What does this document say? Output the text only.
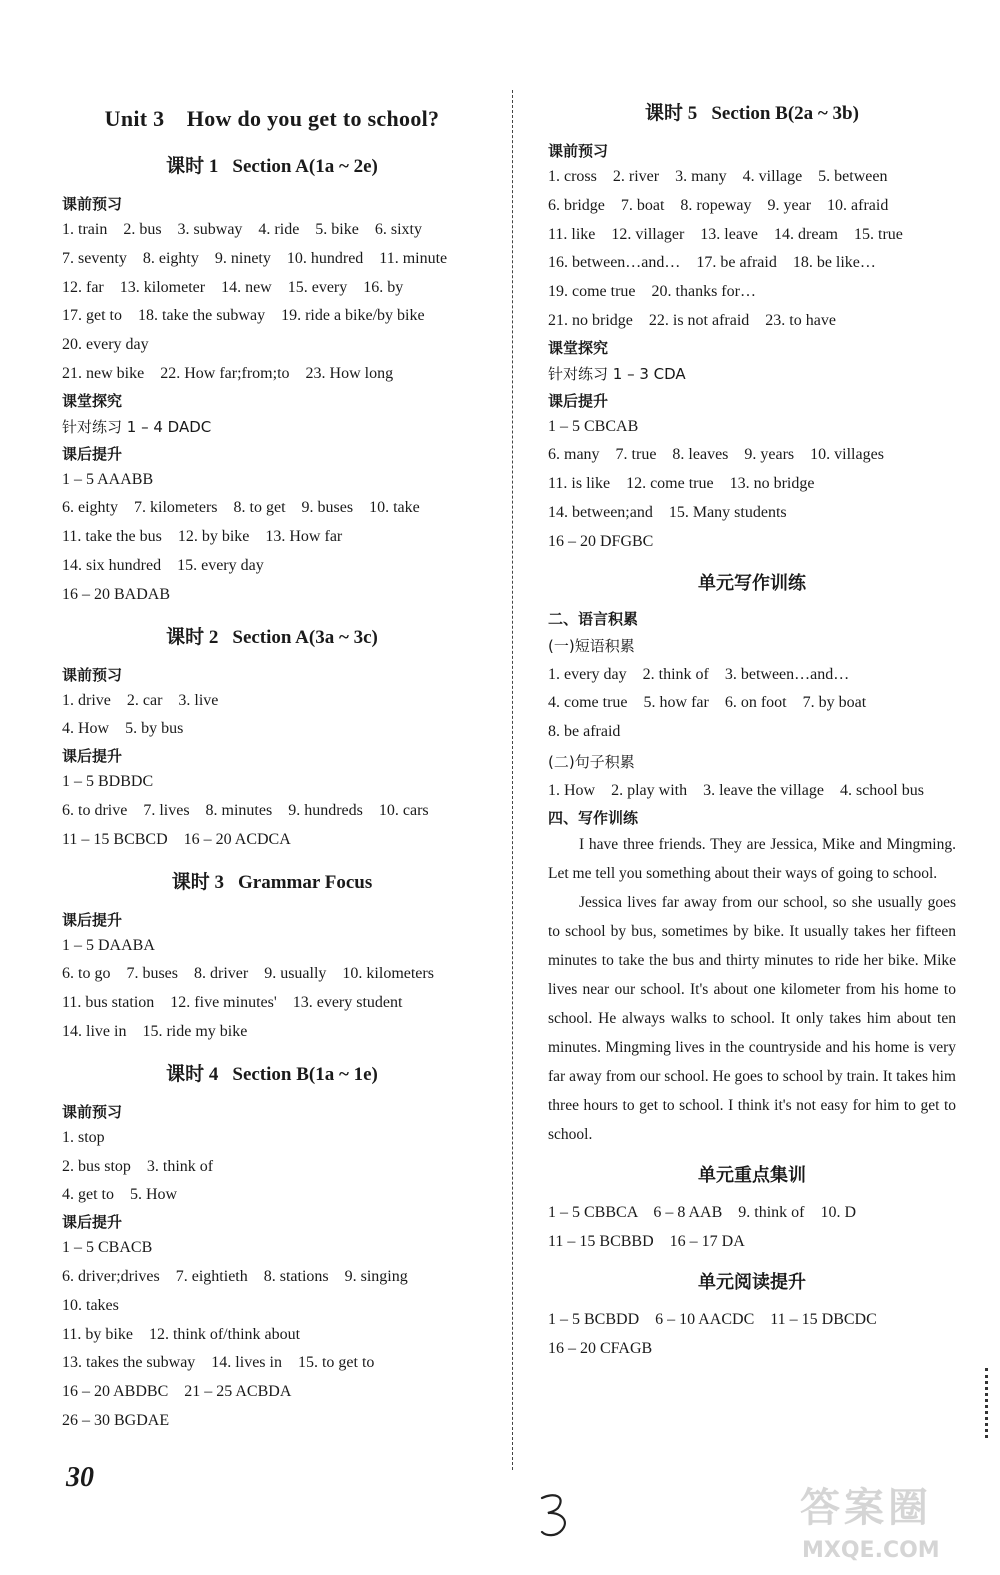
Unit 3　How do you get to school?
课时 1 Section A(1a ~ 2e)
课前预习
1. train　2. bus　3. subway　4. ride　5. bike　6. sixty
7. seventy　8. eighty　9. ninety　10. hundred　11. minute
12. far　13. kilometer　14. new　15. every　16. by
17. get to　18. take the subway　19. ride a bike/by bike
20. every day
21. new bike　22. How far;from;to　23. How long
课堂探究
针对练习 1 – 4 DADC
课后提升
1 – 5 AAABB
6. eighty　7. kilometers　8. to get　9. buses　10. take
11. take the bus　12. by bike　13. How far
14. six hundred　15. every day
16 – 20 BADAB
课时 2 Section A(3a ~ 3c)
课前预习
1. drive　2. car　3. live
4. How　5. by bus
课后提升
1 – 5 BDBDC
6. to drive　7. lives　8. minutes　9. hundreds　10. cars
11 – 15 BCBCD　16 – 20 ACDCA
课时 3 Grammar Focus
课后提升
1 – 5 DAABA
6. to go　7. buses　8. driver　9. usually　10. kilometers
11. bus station　12. five minutes'　13. every student
14. live in　15. ride my bike
课时 4 Section B(1a ~ 1e)
课前预习
1. stop
2. bus stop　3. think of
4. get to　5. How
课后提升
1 – 5 CBACB
6. driver;drives　7. eightieth　8. stations　9. singing
10. takes
11. by bike　12. think of/think about
13. takes the subway　14. lives in　15. to get to
16 – 20 ABDBC　21 – 25 ACBDA
26 – 30 BGDAE
课时 5 Section B(2a ~ 3b)
课前预习
1. cross　2. river　3. many　4. village　5. between
6. bridge　7. boat　8. ropeway　9. year　10. afraid
11. like　12. villager　13. leave　14. dream　15. true
16. between…and…　17. be afraid　18. be like…
19. come true　20. thanks for…
21. no bridge　22. is not afraid　23. to have
课堂探究
针对练习 1 – 3 CDA
课后提升
1 – 5 CBCAB
6. many　7. true　8. leaves　9. years　10. villages
11. is like　12. come true　13. no bridge
14. between;and　15. Many students
16 – 20 DFGBC
单元写作训练
二、语言积累
(一)短语积累
1. every day　2. think of　3. between…and…
4. come true　5. how far　6. on foot　7. by boat
8. be afraid
(二)句子积累
1. How　2. play with　3. leave the village　4. school bus
四、写作训练

I have three friends. They are Jessica, Mike and Mingming. Let me tell you something about their ways of going to school.

Jessica lives far away from our school, so she usually goes to school by bus, sometimes by bike. It usually takes her fifteen minutes to take the bus and thirty minutes to ride her bike. Mike lives near our school. It's about one kilometer from his home to school. He always walks to school. It only takes him about ten minutes. Mingming lives in the countryside and his home is very far away from our school. He goes to school by train. It takes him three hours to get to school. I think it's not easy for him to get to school.

单元重点集训
1 – 5 CBBCA　6 – 8 AAB　9. think of　10. D
11 – 15 BCBBD　16 – 17 DA
单元阅读提升
1 – 5 BCBDD　6 – 10 AACDC　11 – 15 DBCDC
16 – 20 CFAGB
30
答案圈
MXQE.COM
